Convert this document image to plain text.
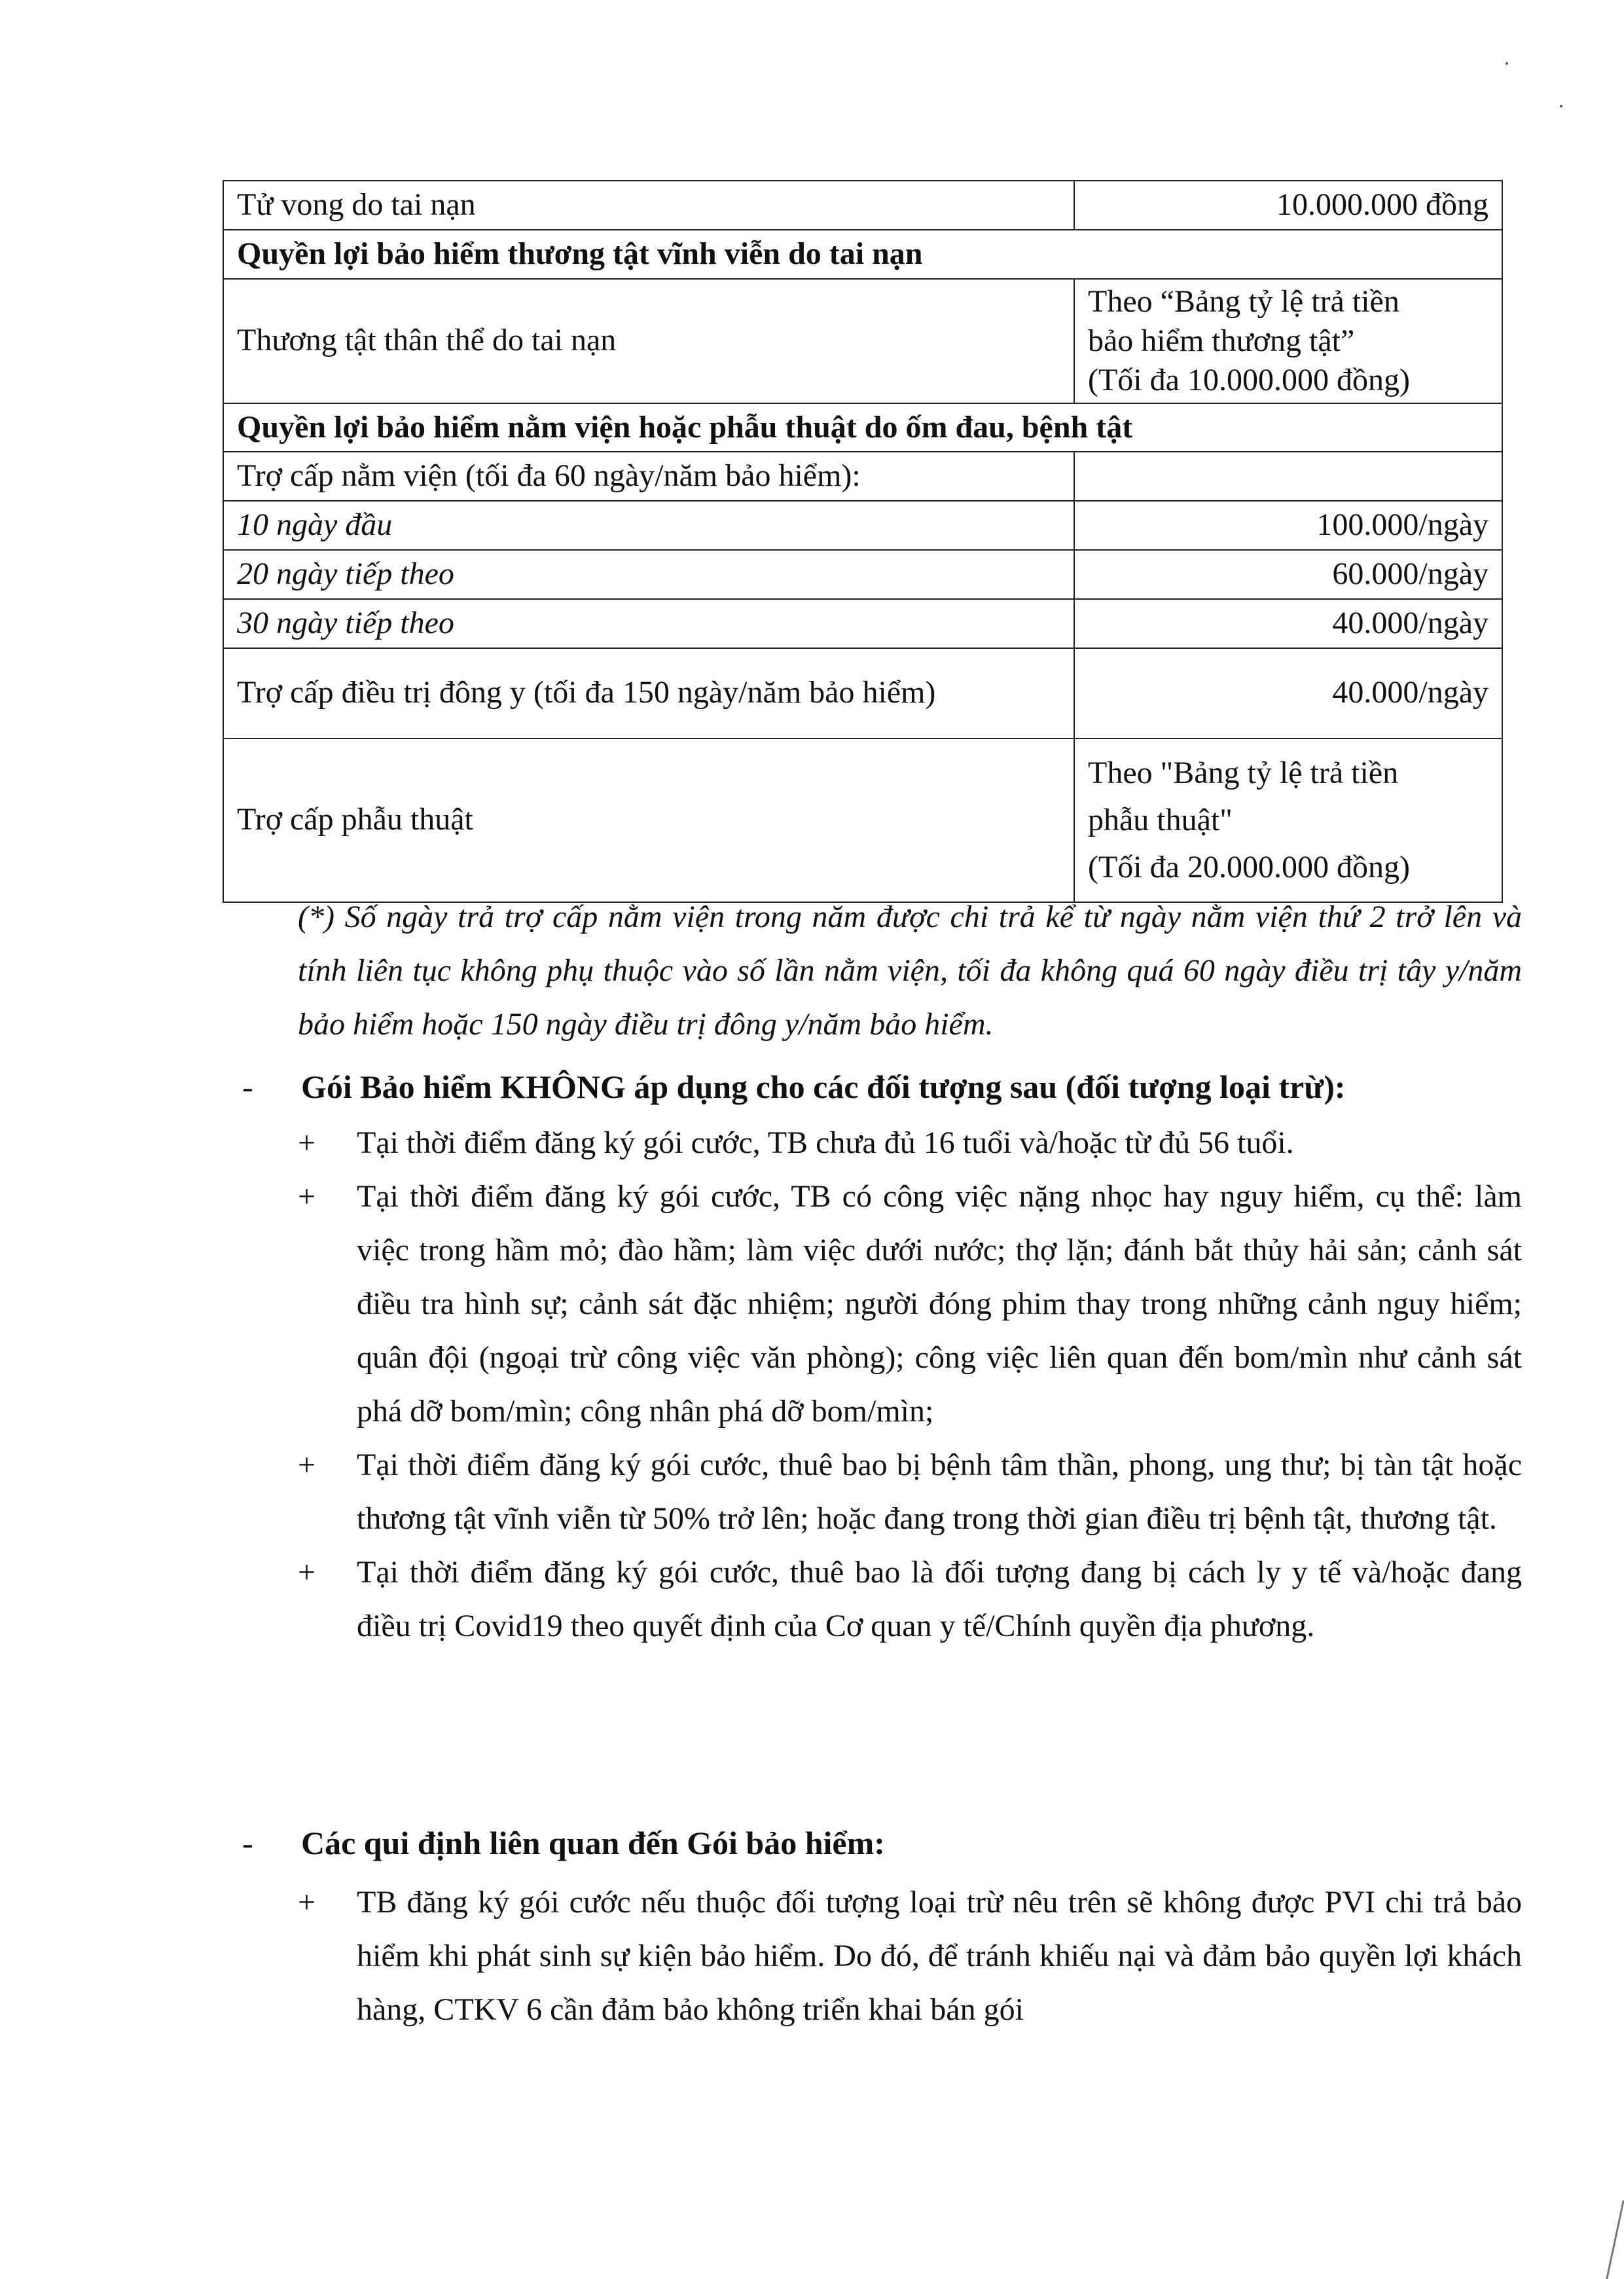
Tử vong do tai nạn	10.000.000 đồng
Quyền lợi bảo hiểm thương tật vĩnh viễn do tai nạn	
Thương tật thân thể do tai nạn	Theo “Bảng tỷ lệ trả tiền
bảo hiểm thương tật”
(Tối đa 10.000.000 đồng)

Quyền lợi bảo hiểm nằm viện hoặc phẫu thuật do ốm đau, bệnh tật	
Trợ cấp nằm viện (tối đa 60 ngày/năm bảo hiểm):	
10 ngày đầu	100.000/ngày
20 ngày tiếp theo	60.000/ngày
30 ngày tiếp theo	40.000/ngày
Trợ cấp điều trị đông y (tối đa 150 ngày/năm bảo hiểm)	40.000/ngày
Trợ cấp phẫu thuật	Theo "Bảng tỷ lệ trả tiền
phẫu thuật"
(Tối đa 20.000.000 đồng)
(*) Số ngày trả trợ cấp nằm viện trong năm được chi trả kể từ ngày nằm viện thứ 2 trở lên và tính liên tục không phụ thuộc vào số lần nằm viện, tối đa không quá 60 ngày điều trị tây y/năm bảo hiểm hoặc 150 ngày điều trị đông y/năm bảo hiểm.
- Gói Bảo hiểm KHÔNG áp dụng cho các đối tượng sau (đối tượng loại trừ):
+	Tại thời điểm đăng ký gói cước, TB chưa đủ 16 tuổi và/hoặc từ đủ 56 tuổi.
+	Tại thời điểm đăng ký gói cước, TB có công việc nặng nhọc hay nguy hiểm, cụ thể: làm việc trong hầm mỏ; đào hầm; làm việc dưới nước; thợ lặn; đánh bắt thủy hải sản; cảnh sát điều tra hình sự; cảnh sát đặc nhiệm; người đóng phim thay trong những cảnh nguy hiểm; quân đội (ngoại trừ công việc văn phòng); công việc liên quan đến bom/mìn như cảnh sát phá dỡ bom/mìn; công nhân phá dỡ bom/mìn;
+	Tại thời điểm đăng ký gói cước, thuê bao bị bệnh tâm thần, phong, ung thư; bị tàn tật hoặc thương tật vĩnh viễn từ 50% trở lên; hoặc đang trong thời gian điều trị bệnh tật, thương tật.
+	Tại thời điểm đăng ký gói cước, thuê bao là đối tượng đang bị cách ly y tế và/hoặc đang điều trị Covid19 theo quyết định của Cơ quan y tế/Chính quyền địa phương.
- Các qui định liên quan đến Gói bảo hiểm:
+	TB đăng ký gói cước nếu thuộc đối tượng loại trừ nêu trên sẽ không được PVI chi trả bảo hiểm khi phát sinh sự kiện bảo hiểm. Do đó, để tránh khiếu nại và đảm bảo quyền lợi khách hàng, CTKV 6 cần đảm bảo không triển khai bán gói
